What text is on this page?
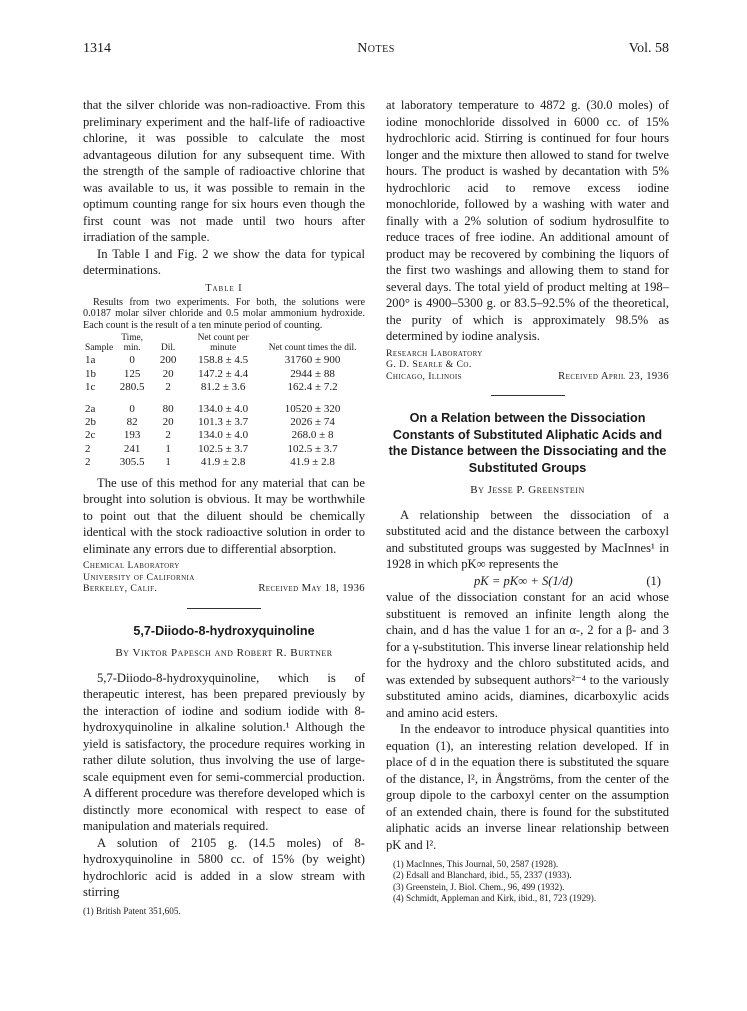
1314	Notes	Vol. 58

that the silver chloride was non-radioactive. From this preliminary experiment and the half-life of radioactive chlorine, it was possible to calculate the most advantageous dilution for any subsequent time. With the strength of the sample of radioactive chlorine that was available to us, it was possible to remain in the optimum counting range for six hours even though the first count was not made until two hours after irradiation of the sample.

In Table I and Fig. 2 we show the data for typical determinations.

Table I
Results from two experiments. For both, the solutions were 0.0187 molar silver chloride and 0.5 molar ammonium hydroxide. Each count is the result of a ten minute period of counting.
Sample	Time, min.	Dil.	Net count per minute	Net count times the dil.
1a	0	200	158.8 ± 4.5	31760 ± 900
1b	125	20	147.2 ± 4.4	2944 ± 88
1c	280.5	2	81.2 ± 3.6	162.4 ± 7.2

2a	0	80	134.0 ± 4.0	10520 ± 320
2b	82	20	101.3 ± 3.7	2026 ± 74
2c	193	2	134.0 ± 4.0	268.0 ± 8
2	241	1	102.5 ± 3.7	102.5 ± 3.7
2	305.5	1	41.9 ± 2.8	41.9 ± 2.8

The use of this method for any material that can be brought into solution is obvious. It may be worthwhile to point out that the diluent should be chemically identical with the stock radioactive solution in order to eliminate any errors due to differential absorption.

Chemical Laboratory
University of California
Berkeley, Calif.	Received May 18, 1936
5,7-Diiodo-8-hydroxyquinoline
By Viktor Papesch and Robert R. Burtner

5,7-Diiodo-8-hydroxyquinoline, which is of therapeutic interest, has been prepared previously by the interaction of iodine and sodium iodide with 8-hydroxyquinoline in alkaline solution.¹ Although the yield is satisfactory, the procedure requires working in rather dilute solution, thus involving the use of large-scale equipment even for semi-commercial production. A different procedure was therefore developed which is distinctly more economical with respect to ease of manipulation and materials required.

A solution of 2105 g. (14.5 moles) of 8-hydroxyquinoline in 5800 cc. of 15% (by weight) hydrochloric acid is added in a slow stream with stirring

(1) British Patent 351,605.

at laboratory temperature to 4872 g. (30.0 moles) of iodine monochloride dissolved in 6000 cc. of 15% hydrochloric acid. Stirring is continued for four hours longer and the mixture then allowed to stand for twelve hours. The product is washed by decantation with 5% hydrochloric acid to remove excess iodine monochloride, followed by a washing with water and finally with a 2% solution of sodium hydrosulfite to reduce traces of free iodine. An additional amount of product may be recovered by combining the liquors of the first two washings and allowing them to stand for several days. The total yield of product melting at 198–200° is 4900–5300 g. or 83.5–92.5% of the theoretical, the purity of which is approximately 98.5% as determined by iodine analysis.

Research Laboratory
G. D. Searle & Co.
Chicago, Illinois	Received April 23, 1936
On a Relation between the Dissociation Constants of Substituted Aliphatic Acids and the Distance between the Dissociating and the Substituted Groups
By Jesse P. Greenstein

A relationship between the dissociation of a substituted acid and the distance between the carboxyl and substituted groups was suggested by MacInnes¹ in 1928 in which pK∞ represents the

pK = pK∞ + S(1/d)	(1)

value of the dissociation constant for an acid whose substituent is removed an infinite length along the chain, and d has the value 1 for an α-, 2 for a β- and 3 for a γ-substitution. This inverse linear relationship held for the hydroxy and the chloro substituted acids, and was extended by subsequent authors²⁻⁴ to the variously substituted amino acids, diamines, dicarboxylic acids and amino acid esters.

In the endeavor to introduce physical quantities into equation (1), an interesting relation developed. If in place of d in the equation there is substituted the square of the distance, l², in Ångströms, from the center of the group dipole to the carboxyl center on the assumption of an extended chain, there is found for the substituted aliphatic acids an inverse linear relationship between pK and l².

(1) MacInnes, This Journal, 50, 2587 (1928).
(2) Edsall and Blanchard, ibid., 55, 2337 (1933).
(3) Greenstein, J. Biol. Chem., 96, 499 (1932).
(4) Schmidt, Appleman and Kirk, ibid., 81, 723 (1929).
